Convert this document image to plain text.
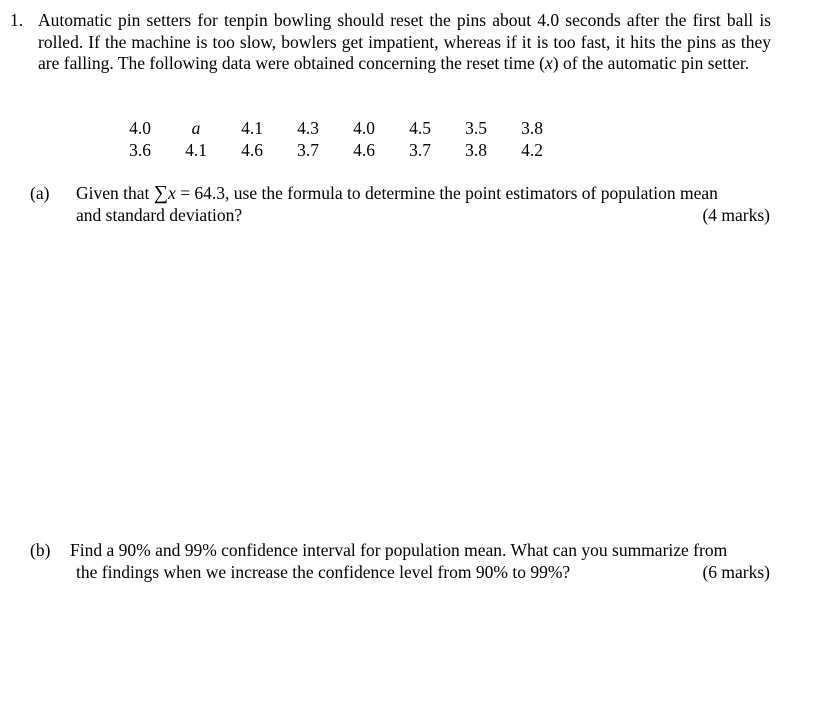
1. Automatic pin setters for tenpin bowling should reset the pins about 4.0 seconds after the first ball is rolled. If the machine is too slow, bowlers get impatient, whereas if it is too fast, it hits the pins as they are falling. The following data were obtained concerning the reset time (x) of the automatic pin setter.
4.0	a	4.1	4.3	4.0	4.5	3.5	3.8
3.6	4.1	4.6	3.7	4.6	3.7	3.8	4.2
(a) Given that ∑x = 64.3, use the formula to determine the point estimators of population mean
and standard deviation?	(4 marks)
(b) Find a 90% and 99% confidence interval for population mean. What can you summarize from
the findings when we increase the confidence level from 90% to 99%?	(6 marks)
